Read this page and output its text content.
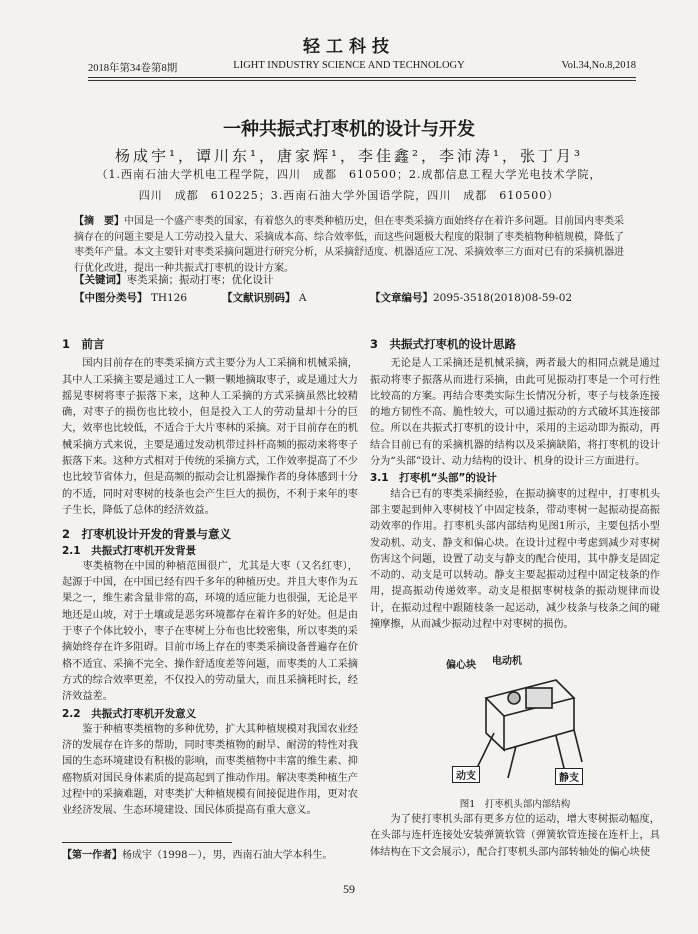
轻工科技
2018年第34卷第8期	LIGHT INDUSTRY SCIENCE AND TECHNOLOGY	Vol.34,No.8,2018
一种共振式打枣机的设计与开发
杨成宇¹，谭川东¹，唐家辉¹，李佳鑫²，李沛涛¹，张丁月³
（1.西南石油大学机电工程学院，四川　成都　610500；2.成都信息工程大学光电技术学院，
四川　成都　610225；3.西南石油大学外国语学院，四川　成都　610500）
【摘　要】中国是一个盛产枣类的国家，有着悠久的枣类种植历史，但在枣类采摘方面始终存在着许多问题。目前国内枣类采摘存在的问题主要是人工劳动投入量大、采摘成本高、综合效率低，而这些问题极大程度的限制了枣类植物种植规模，降低了枣类年产量。本文主要针对枣类采摘问题进行研究分析，从采摘舒适度、机器适应工况、采摘效率三方面对已有的采摘机器进行优化改进，提出一种共振式打枣机的设计方案。
【关键词】枣类采摘；振动打枣；优化设计
【中图分类号】 TH126	【文献识别码】 A	【文章编号】2095-3518(2018)08-59-02
1　前言

国内目前存在的枣类采摘方式主要分为人工采摘和机械采摘，其中人工采摘主要是通过工人一颗一颗地摘取枣子，或是通过大力摇晃枣树将枣子振落下来，这种人工采摘的方式采摘虽然比较精确，对枣子的损伤也比较小，但是投入工人的劳动量却十分的巨大，效率也比较低，不适合于大片枣林的采摘。对于目前存在的机械采摘方式来说，主要是通过发动机带过抖杆高频的振动来将枣子振落下来。这种方式相对于传统的采摘方式，工作效率提高了不少也比较节省体力，但是高频的振动会让机器操作者的身体感到十分的不适，同时对枣树的枝条也会产生巨大的损伤，不利于来年的枣子生长，降低了总体的经济效益。

2　打枣机设计开发的背景与意义
2.1　共振式打枣机开发背景

枣类植物在中国的种植范围很广，尤其是大枣（又名红枣），起源于中国，在中国已经有四千多年的种植历史。并且大枣作为五果之一，维生素含量非常的高，环境的适应能力也很强，无论是平地还是山坡，对于土壤或是恶劣环境都存在着许多的好处。但是由于枣子个体比较小，枣子在枣树上分布也比较密集，所以枣类的采摘始终存在许多阻碍。目前市场上存在的枣类采摘设备普遍存在价格不适宜、采摘不完全、操作舒适度差等问题，而枣类的人工采摘方式的综合效率更差，不仅投入的劳动量大，而且采摘耗时长，经济效益差。

2.2　共振式打枣机开发意义

鉴于种植枣类植物的多种优势，扩大其种植规模对我国农业经济的发展存在许多的帮助，同时枣类植物的耐旱、耐涝的特性对我国的生态环境建设有积极的影响，而枣类植物中丰富的维生素、抑癌物质对国民身体素质的提高起到了推动作用。解决枣类种植生产过程中的采摘难题，对枣类扩大种植规模有间接促进作用，更对农业经济发展、生态环境建设、国民体质提高有重大意义。

3　共振式打枣机的设计思路

无论是人工采摘还是机械采摘，两者最大的相同点就是通过振动将枣子振落从而进行采摘，由此可见振动打枣是一个可行性比较高的方案。再结合枣类实际生长情况分析，枣子与枝条连接的地方韧性不高、脆性较大，可以通过振动的方式破坏其连接部位。所以在共振式打枣机的设计中，采用的主运动即为振动，再结合目前已有的采摘机器的结构以及采摘缺陷，将打枣机的设计分为“头部”设计、动力结构的设计、机身的设计三方面进行。

3.1　打枣机“头部”的设计

结合已有的枣类采摘经验，在振动摘枣的过程中，打枣机头部主要起到伸入枣树枝丫中固定枝条，带动枣树一起振动提高振动效率的作用。打枣机头部内部结构见图1所示，主要包括小型发动机、动支、静支和偏心块。在设计过程中考虑到减少对枣树伤害这个问题，设置了动支与静支的配合使用，其中静支是固定不动的、动支是可以转动。静支主要起振动过程中固定枝条的作用，提高振动传递效率。动支是根据枣树枝条的振动规律而设计，在振动过程中跟随枝条一起运动，减少枝条与枝条之间的碰撞摩擦，从而减少振动过程中对枣树的损伤。

偏心块 电动机
动支	静支
图1　打枣机头部内部结构

为了使打枣机头部有更多方位的运动，增大枣树振动幅度，在头部与连杆连接处安装弹簧软管（弹簧软管连接在连杆上，具体结构在下文会展示），配合打枣机头部内部转轴处的偏心块使

【第一作者】杨成宇（1998－），男，西南石油大学本科生。
59
